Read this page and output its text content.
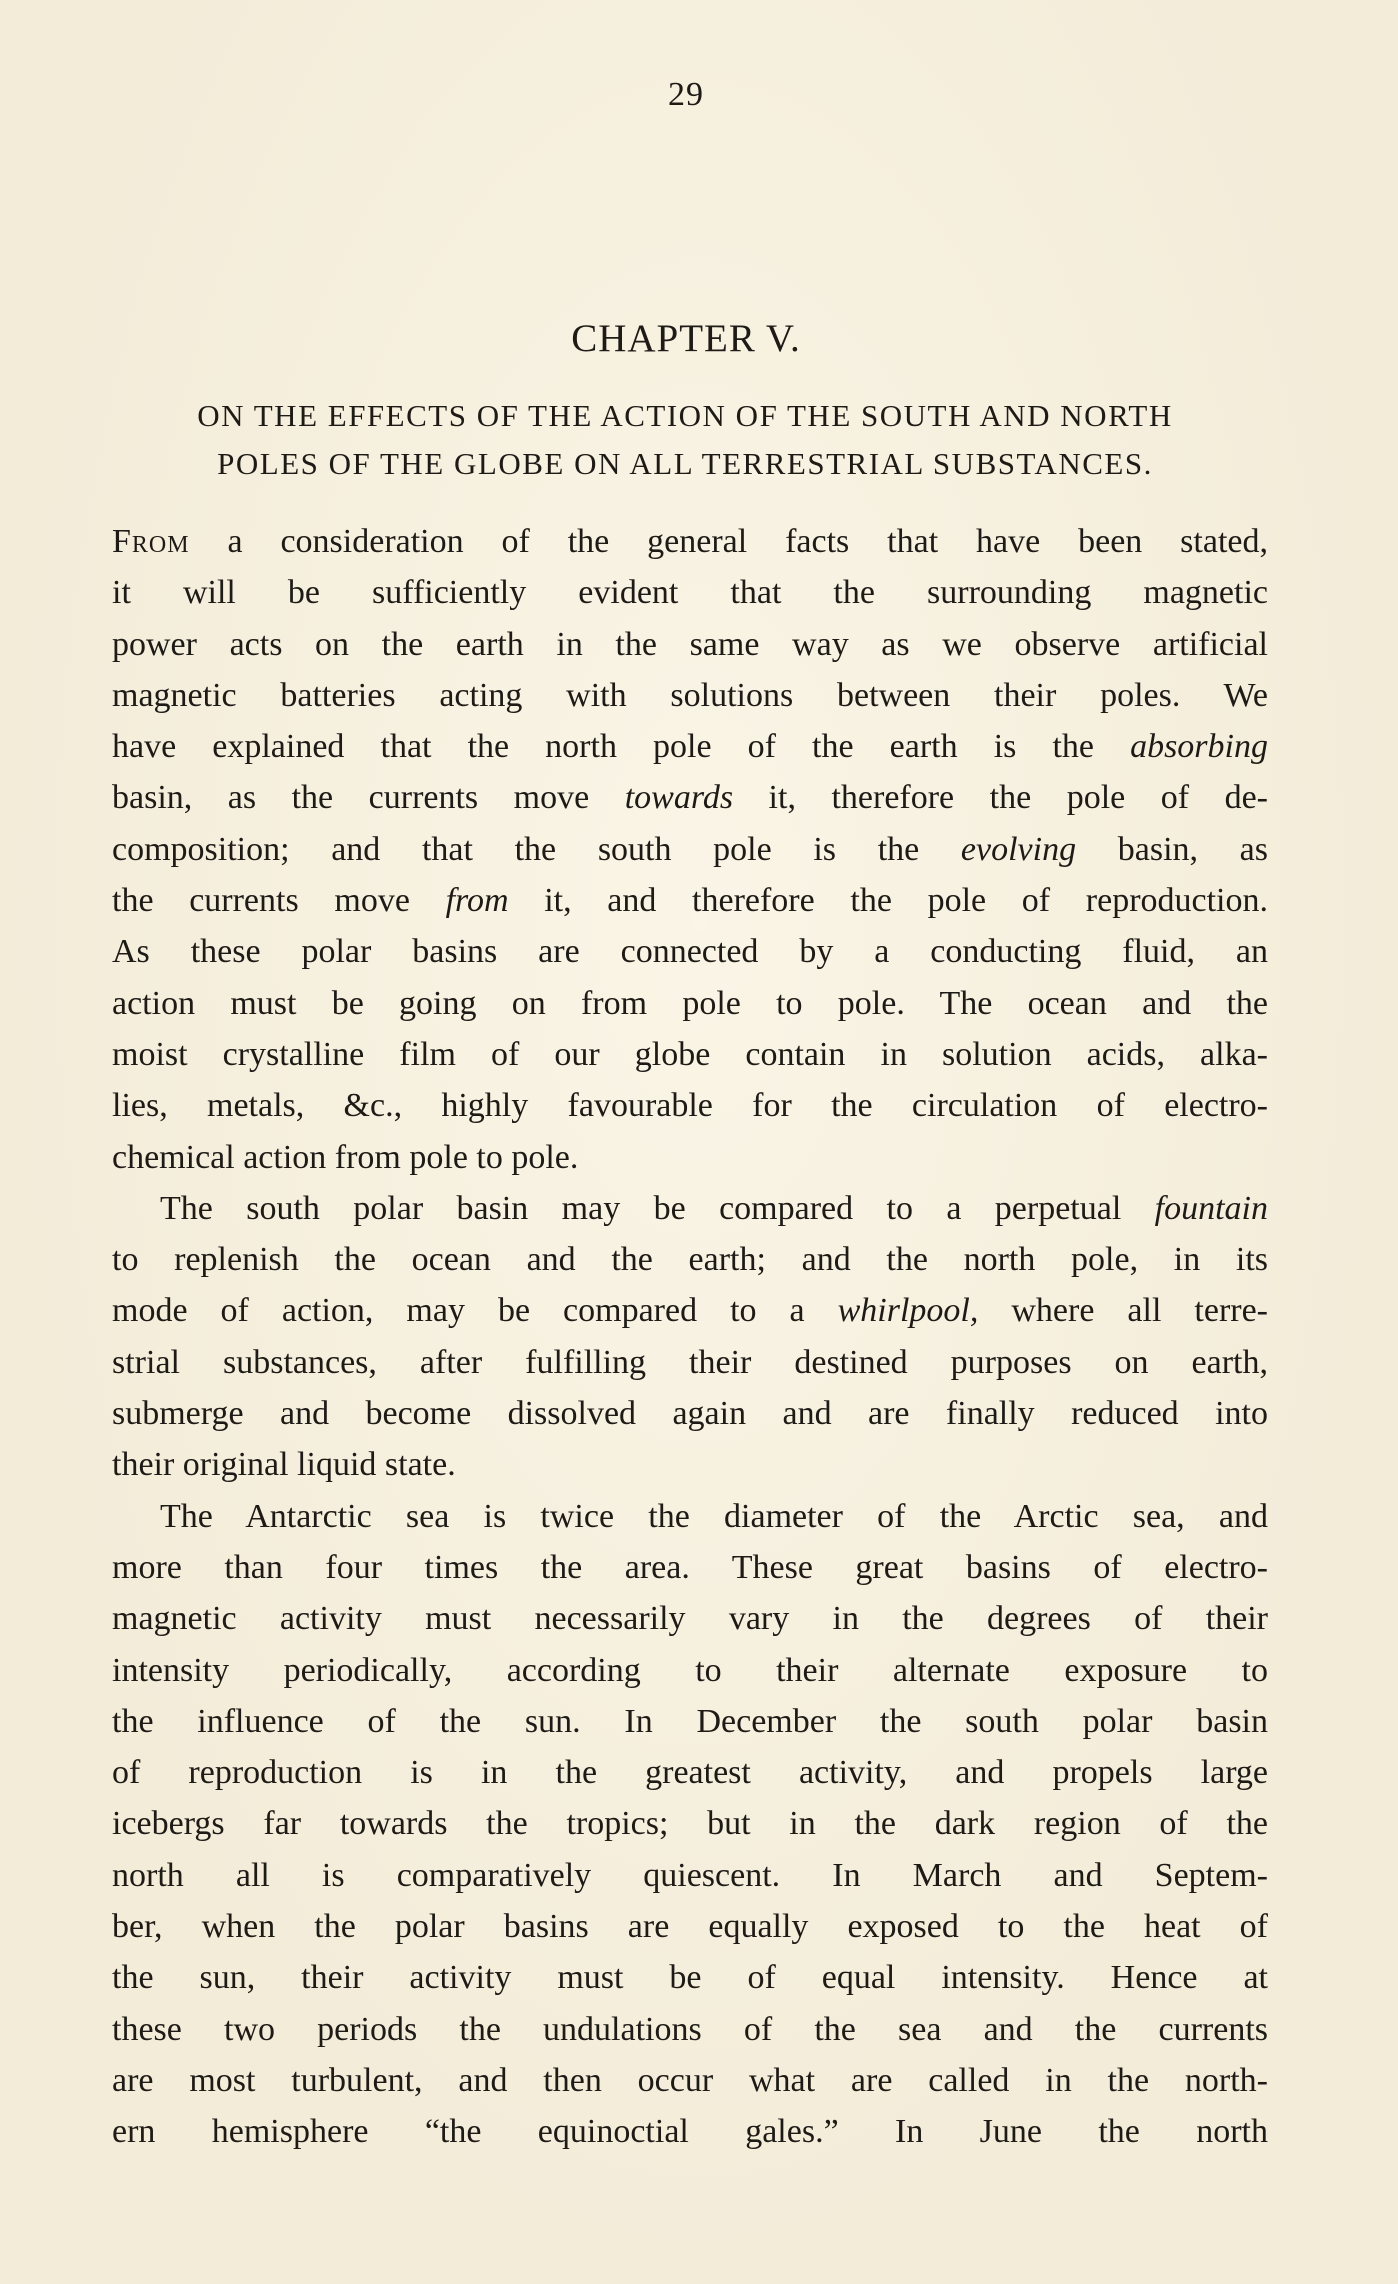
29
CHAPTER V.
ON THE EFFECTS OF THE ACTION OF THE SOUTH AND NORTH
POLES OF THE GLOBE ON ALL TERRESTRIAL SUBSTANCES.
From a consideration of the general facts that have been stated,
it will be sufficiently evident that the surrounding magnetic
power acts on the earth in the same way as we observe artificial
magnetic batteries acting with solutions between their poles. We
have explained that the north pole of the earth is the absorbing
basin, as the currents move towards it, therefore the pole of de-
composition; and that the south pole is the evolving basin, as
the currents move from it, and therefore the pole of reproduction.
As these polar basins are connected by a conducting fluid, an
action must be going on from pole to pole. The ocean and the
moist crystalline film of our globe contain in solution acids, alka-
lies, metals, &c., highly favourable for the circulation of electro-
chemical action from pole to pole.
The south polar basin may be compared to a perpetual fountain
to replenish the ocean and the earth; and the north pole, in its
mode of action, may be compared to a whirlpool, where all terre-
strial substances, after fulfilling their destined purposes on earth,
submerge and become dissolved again and are finally reduced into
their original liquid state.
The Antarctic sea is twice the diameter of the Arctic sea, and
more than four times the area. These great basins of electro-
magnetic activity must necessarily vary in the degrees of their
intensity periodically, according to their alternate exposure to
the influence of the sun. In December the south polar basin
of reproduction is in the greatest activity, and propels large
icebergs far towards the tropics; but in the dark region of the
north all is comparatively quiescent. In March and Septem-
ber, when the polar basins are equally exposed to the heat of
the sun, their activity must be of equal intensity. Hence at
these two periods the undulations of the sea and the currents
are most turbulent, and then occur what are called in the north-
ern hemisphere “the equinoctial gales.” In June the north
